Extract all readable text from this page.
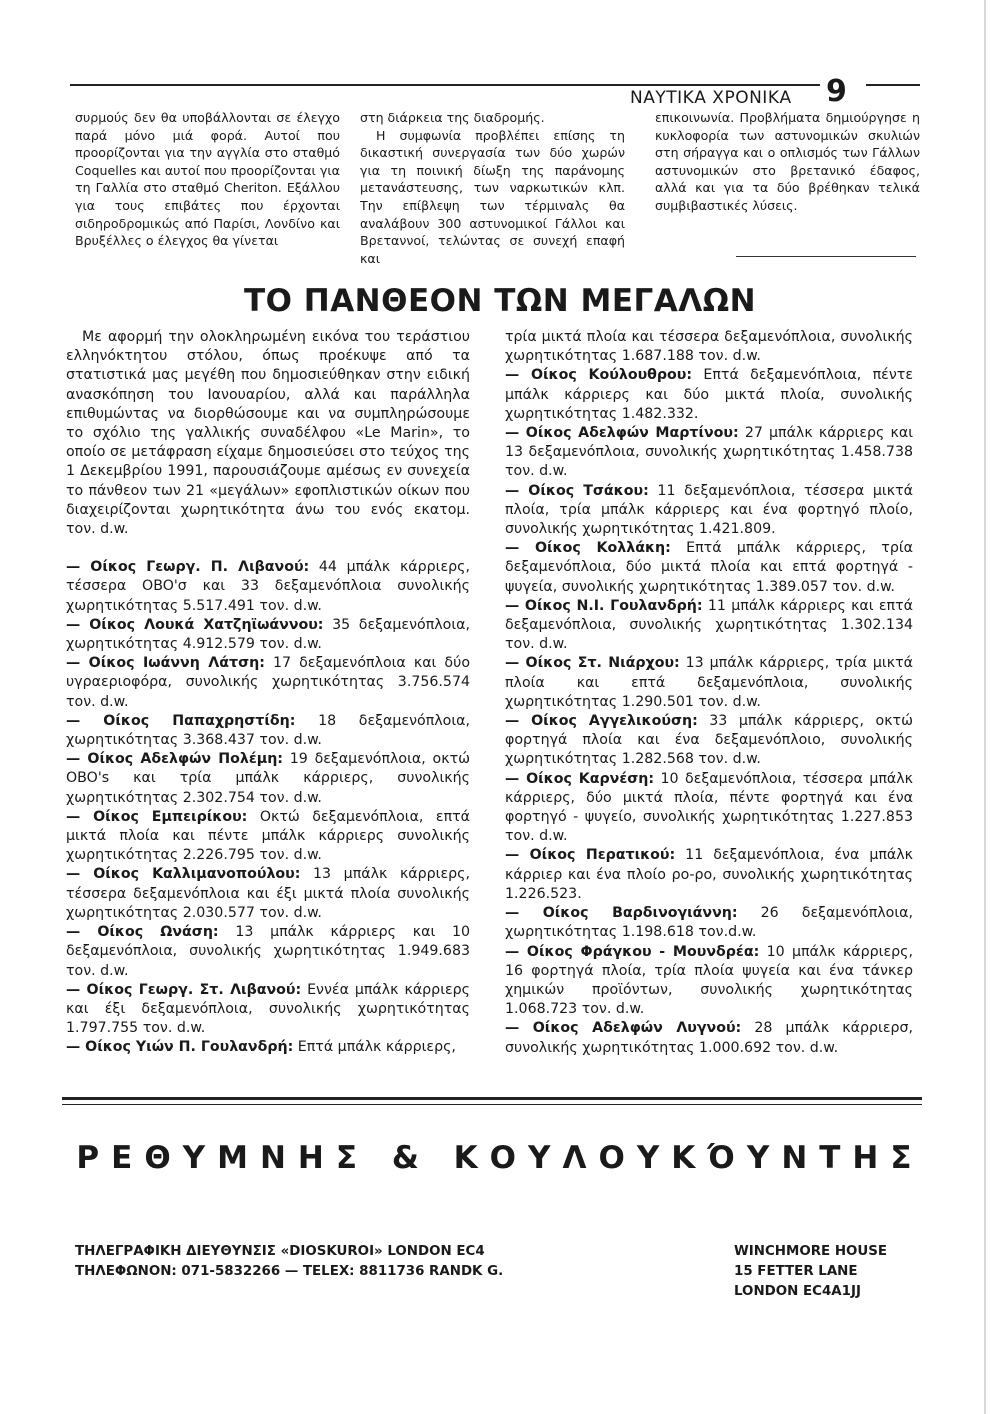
ΝΑΥΤΙΚΑ ΧΡΟΝΙΚΑ 9

συρμούς δεν θα υποβάλλονται σε έλεγχο παρά μόνο μιά φορά. Αυτοί που προορίζονται για την αγγλία στο σταθμό Coquelles και αυτοί που προορίζονται για τη Γαλλία στο σταθμό Cheriton. Εξάλλου για τους επιβάτες που έρχονται σιδηροδρομικώς από Παρίσι, Λονδίνο και Βρυξέλλες ο έλεγχος θα γίνεται

στη διάρκεια της διαδρομής.

Η συμφωνία προβλέπει επίσης τη δικαστική συνεργασία των δύο χωρών για τη ποινική δίωξη της παράνομης μετανάστευσης, των ναρκωτικών κλπ. Την επίβλεψη των τέρμιναλς θα αναλάβουν 300 αστυνομικοί Γάλλοι και Βρεταννοί, τελώντας σε συνεχή επαφή και

επικοινωνία. Προβλήματα δημιούργησε η κυκλοφορία των αστυνομικών σκυλιών στη σήραγγα και ο οπλισμός των Γάλλων αστυνομικών στο βρετανικό έδαφος, αλλά και για τα δύο βρέθηκαν τελικά συμβιβαστικές λύσεις.

ΤΟ ΠΑΝΘΕΟΝ ΤΩΝ ΜΕΓΑΛΩΝ

Με αφορμή την ολοκληρωμένη εικόνα του τεράστιου ελληνόκτητου στόλου, όπως προέκυψε από τα στατιστικά μας μεγέθη που δημοσιεύθηκαν στην ειδική ανασκόπηση του Ιανουαρίου, αλλά και παράλληλα επιθυμώντας να διορθώσουμε και να συμπληρώσουμε το σχόλιο της γαλλικής συναδέλφου «Le Marin», το οποίο σε μετάφραση είχαμε δημοσιεύσει στο τεύχος της 1 Δεκεμβρίου 1991, παρουσιάζουμε αμέσως εν συνεχεία το πάνθεον των 21 «μεγάλων» εφοπλιστικών οίκων που διαχειρίζονται χωρητικότητα άνω του ενός εκατομ. τον. d.w.

— Οίκος Γεωργ. Π. Λιβανού: 44 μπάλκ κάρριερς, τέσσερα OBO'σ και 33 δεξαμενόπλοια συνολικής χωρητικότητας 5.517.491 τον. d.w.

— Οίκος Λουκά Χατζηϊωάννου: 35 δεξαμενόπλοια, χωρητικότητας 4.912.579 τον. d.w.

— Οίκος Ιωάννη Λάτση: 17 δεξαμενόπλοια και δύο υγραεριοφόρα, συνολικής χωρητικότητας 3.756.574 τον. d.w.

— Οίκος Παπαχρηστίδη: 18 δεξαμενόπλοια, χωρητικότητας 3.368.437 τον. d.w.

— Οίκος Αδελφών Πολέμη: 19 δεξαμενόπλοια, οκτώ OBO's και τρία μπάλκ κάρριερς, συνολικής χωρητικότητας 2.302.754 τον. d.w.

— Οίκος Εμπειρίκου: Οκτώ δεξαμενόπλοια, επτά μικτά πλοία και πέντε μπάλκ κάρριερς συνολικής χωρητικότητας 2.226.795 τον. d.w.

— Οίκος Καλλιμανοπούλου: 13 μπάλκ κάρριερς, τέσσερα δεξαμενόπλοια και έξι μικτά πλοία συνολικής χωρητικότητας 2.030.577 τον. d.w.

— Οίκος Ωνάση: 13 μπάλκ κάρριερς και 10 δεξαμενόπλοια, συνολικής χωρητικότητας 1.949.683 τον. d.w.

— Οίκος Γεωργ. Στ. Λιβανού: Εννέα μπάλκ κάρριερς και έξι δεξαμενόπλοια, συνολικής χωρητικότητας 1.797.755 τον. d.w.

— Οίκος Υιών Π. Γουλανδρή: Επτά μπάλκ κάρριερς,

τρία μικτά πλοία και τέσσερα δεξαμενόπλοια, συνολικής χωρητικότητας 1.687.188 τον. d.w.

— Οίκος Κούλουθρου: Επτά δεξαμενόπλοια, πέντε μπάλκ κάρριερς και δύο μικτά πλοία, συνολικής χωρητικότητας 1.482.332.

— Οίκος Αδελφών Μαρτίνου: 27 μπάλκ κάρριερς και 13 δεξαμενόπλοια, συνολικής χωρητικότητας 1.458.738 τον. d.w.

— Οίκος Τσάκου: 11 δεξαμενόπλοια, τέσσερα μικτά πλοία, τρία μπάλκ κάρριερς και ένα φορτηγό πλοίο, συνολικής χωρητικότητας 1.421.809.

— Οίκος Κολλάκη: Επτά μπάλκ κάρριερς, τρία δεξαμενόπλοια, δύο μικτά πλοία και επτά φορτηγά - ψυγεία, συνολικής χωρητικότητας 1.389.057 τον. d.w.

— Οίκος Ν.Ι. Γουλανδρή: 11 μπάλκ κάρριερς και επτά δεξαμενόπλοια, συνολικής χωρητικότητας 1.302.134 τον. d.w.

— Οίκος Στ. Νιάρχου: 13 μπάλκ κάρριερς, τρία μικτά πλοία και επτά δεξαμενόπλοια, συνολικής χωρητικότητας 1.290.501 τον. d.w.

— Οίκος Αγγελικούση: 33 μπάλκ κάρριερς, οκτώ φορτηγά πλοία και ένα δεξαμενόπλοιο, συνολικής χωρητικότητας 1.282.568 τον. d.w.

— Οίκος Καρνέση: 10 δεξαμενόπλοια, τέσσερα μπάλκ κάρριερς, δύο μικτά πλοία, πέντε φορτηγά και ένα φορτηγό - ψυγείο, συνολικής χωρητικότητας 1.227.853 τον. d.w.

— Οίκος Περατικού: 11 δεξαμενόπλοια, ένα μπάλκ κάρριερ και ένα πλοίο ρο-ρο, συνολικής χωρητικότητας 1.226.523.

— Οίκος Βαρδινογιάννη: 26 δεξαμενόπλοια, χωρητικότητας 1.198.618 τον.d.w.

— Οίκος Φράγκου - Μουνδρέα: 10 μπάλκ κάρριερς, 16 φορτηγά πλοία, τρία πλοία ψυγεία και ένα τάνκερ χημικών προϊόντων, συνολικής χωρητικότητας 1.068.723 τον. d.w.

— Οίκος Αδελφών Λυγνού: 28 μπάλκ κάρριερσ, συνολικής χωρητικότητας 1.000.692 τον. d.w.

ΡΕΘΥΜΝΗΣ & ΚΟΥΛΟΥΚΌΥΝΤΗΣ
ΤΗΛΕΓΡΑΦΙΚΗ ΔΙΕΥΘΥΝΣΙΣ «DIOSKUROI» LONDON EC4
ΤΗΛΕΦΩΝΟΝ: 071-5832266 — TELEX: 8811736 RANDK G.
WINCHMORE HOUSE
15 FETTER LANE
LONDON EC4A1JJ
